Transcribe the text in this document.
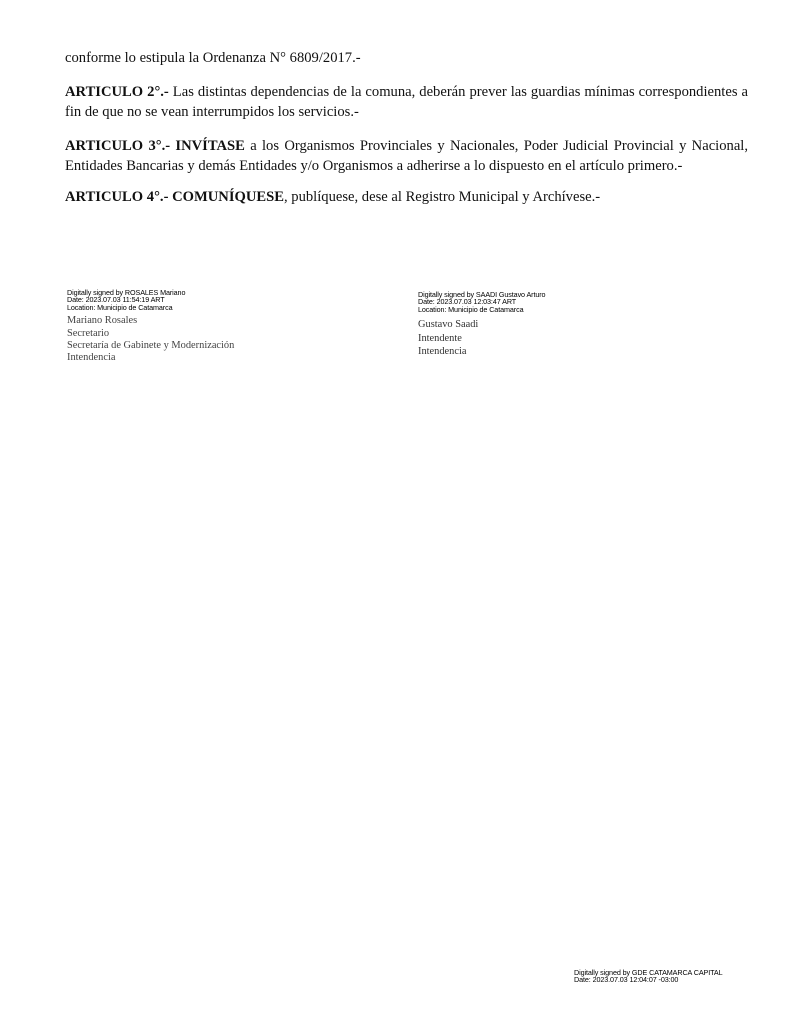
conforme lo estipula la Ordenanza N° 6809/2017.-

ARTICULO 2°.- Las distintas dependencias de la comuna, deberán prever las guardias mínimas correspondientes a fin de que no se vean interrumpidos los servicios.-

ARTICULO 3°.- INVÍTASE a los Organismos Provinciales y Nacionales, Poder Judicial Provincial y Nacional, Entidades Bancarias y demás Entidades y/o Organismos a adherirse a lo dispuesto en el artículo primero.-

ARTICULO 4°.- COMUNÍQUESE, publíquese, dese al Registro Municipal y Archívese.-

Digitally signed by ROSALES Mariano
Date: 2023.07.03 11:54:19 ART
Location: Municipio de Catamarca
Mariano Rosales
Secretario
Secretaría de Gabinete y Modernización
Intendencia
Digitally signed by SAADI Gustavo Arturo
Date: 2023.07.03 12:03:47 ART
Location: Municipio de Catamarca
Gustavo Saadi
Intendente
Intendencia
Digitally signed by GDE CATAMARCA CAPITAL
Date: 2023.07.03 12:04:07 -03:00
